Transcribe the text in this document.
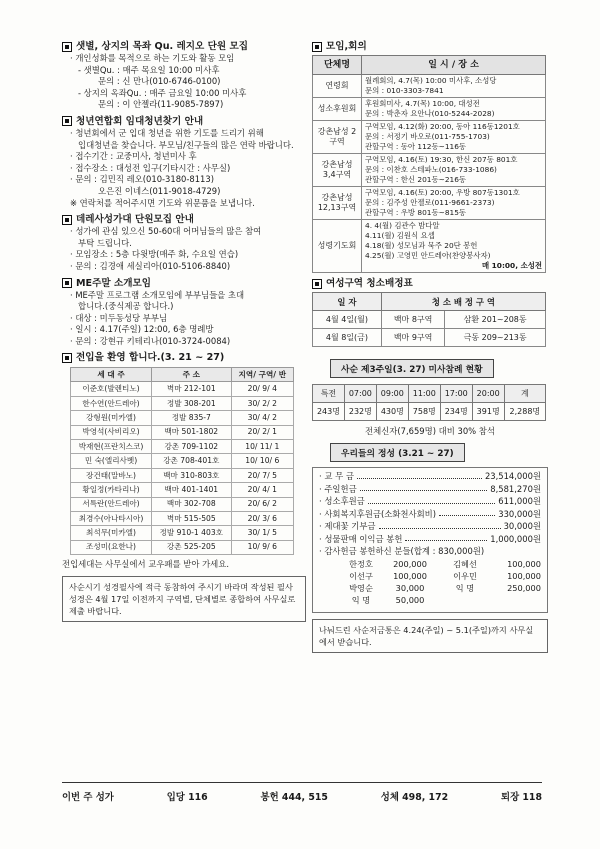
샛별, 상지의 목좌 Qu. 레지오 단원 모집
· 개인성화를 목적으로 하는 기도와 활동 모임
- 샛별Qu. : 매주 목요일 10:00 미사후
문의 : 신 만나(010-6746-0100)
- 상지의 옥좌Qu. : 매주 금요일 10:00 미사후
문의 : 이 안젤라(11-9085-7897)
청년연합회 임대청년찾기 안내
· 청년회에서 군 입대 청년을 위한 기도를 드리기 위해
입대청년을 찾습니다. 부모님/친구들의 많은 연락 바랍니다.
· 접수기간 : 교중미사, 청년미사 후
· 접수장소 : 대성전 입구(기타시간 : 사무실)
· 문의 : 김민직 레오(010-3180-8113)
오은진 이네스(011-9018-4729)
※ 연락처를 적어주시면 기도와 위문품을 보냅니다.
데레사성가대 단원모집 안내
· 성가에 관심 있으신 50-60대 어머님들의 많은 참여
부탁 드립니다.
· 모임장소 : 5층 다윗방(매주 화, 수요일 연습)
· 문의 : 김경애 세실리아(010-5106-8840)
ME주말 소개모임
· ME주말 프로그램 소개모임에 부부님들을 초대
합니다.(중식제공 합니다.)
· 대상 : 미두동성당 부부님
· 일시 : 4.17(주일) 12:00, 6층 명례방
· 문의 : 강현규 키테리나(010-3724-0084)
전입을 환영 합니다.(3. 21 ~ 27)
세 대 주	주 소	지역/ 구역/ 반
이준호(발렌티노)	벽마 212-101	20/ 9/ 4
한수연(안드레아)	정발 308-201	30/ 2/ 2
강형원(미카엘)	정발 835-7	30/ 4/ 2
박영석(사비리오)	백마 501-1802	20/ 2/ 1
박재현(프란치스코)	강촌 709-1102	10/ 11/ 1
민 숙(엘리사벳)	강촌 708-401호	10/ 10/ 6
장건태(말바노)	백마 310-803호	20/ 7/ 5
황일정(카타리나)	백마 401-1401	20/ 4/ 1
서특란(안드레아)	백마 302-708	20/ 6/ 2
최경수(아나타시아)	벽마 515-505	20/ 3/ 6
최석무(미카엘)	정발 910-1 403호	30/ 1/ 5
조성미(요한나)	강촌 525-205	10/ 9/ 6
전입세대는 사무실에서 교우패를 받아 가세요.
사순시기 성경필사에 적극 동참하여 주시기 바라며 작성된 필사성경은 4월 17일 이전까지 구역별, 단체별로 종합하여 사무실로 제출 바랍니다.
모임,회의
단체명	일 시 / 장 소
연령회	월례회의, 4.7(목) 10:00 미사후, 소성당
문의 : 010-3303-7841

성소후원회	후원회미사, 4.7(목) 10:00, 대성전
문의 : 박춘자 요안나(010-5244-2028)

강촌남성 2구역	구역모임, 4.12(화) 20:00, 동아 116동1201호
문의 : 서정기 바오로(011-755-1703)
관할구역 : 동아 112동~116동

강촌남성 3,4구역	구역모임, 4.16(토) 19:30, 한신 207동 801호
문의 : 이찬호 스테파노(016-733-1086)
관할구역 : 한신 201동~216동

강촌남성 12,13구역	구역모임, 4.16(토) 20:00, 우방 807동1301호
문의 : 김주성 안젤로(011-9661-2373)
관할구역 : 우방 801동~815동

성령기도회	4. 4(월) 김관수 밤다알
4.11(월) 김원식 요셉
4.18(월) 성모님과 묵주 20단 봉헌
4.25(월) 고영민 안드레아(찬양봉사자)
매 10:00, 소성전
여성구역 청소배정표
일 자	청 소 배 정 구 역	
4월 4일(월)	백마 8구역	삼환 201~208동
4월 8일(금)	백마 9구역	극동 209~213동
사순 제3주일(3. 27) 미사참례 현황
특전	07:00	09:00	11:00	17:00	20:00	계
243명	232명	430명	758명	234명	391명	2,288명
전체신자(7,659명) 대비 30% 참석
우리들의 정성 (3.21 ~ 27)
· 교 무 금	23,514,000원
· 주일헌금	8,581,270원
· 성소후원금	611,000원
· 사회복지후원금(소화천사회비)	330,000원
· 제대꽃 기부금	30,000원
· 성물판매 이익금 봉헌	1,000,000원
· 감사헌금 봉헌하신 분들(합계 : 830,000원)
한정호	200,000	김혜선	100,000
이선구	100,000	이우민	100,000
박영순	30,000	익 명	250,000
익 명	50,000
나눠드린 사순저금통은 4.24(주일) ~ 5.1(주일)까지 사무실에서 받습니다.
이번 주 성가	입당 116	봉헌 444, 515	성체 498, 172	퇴장 118
